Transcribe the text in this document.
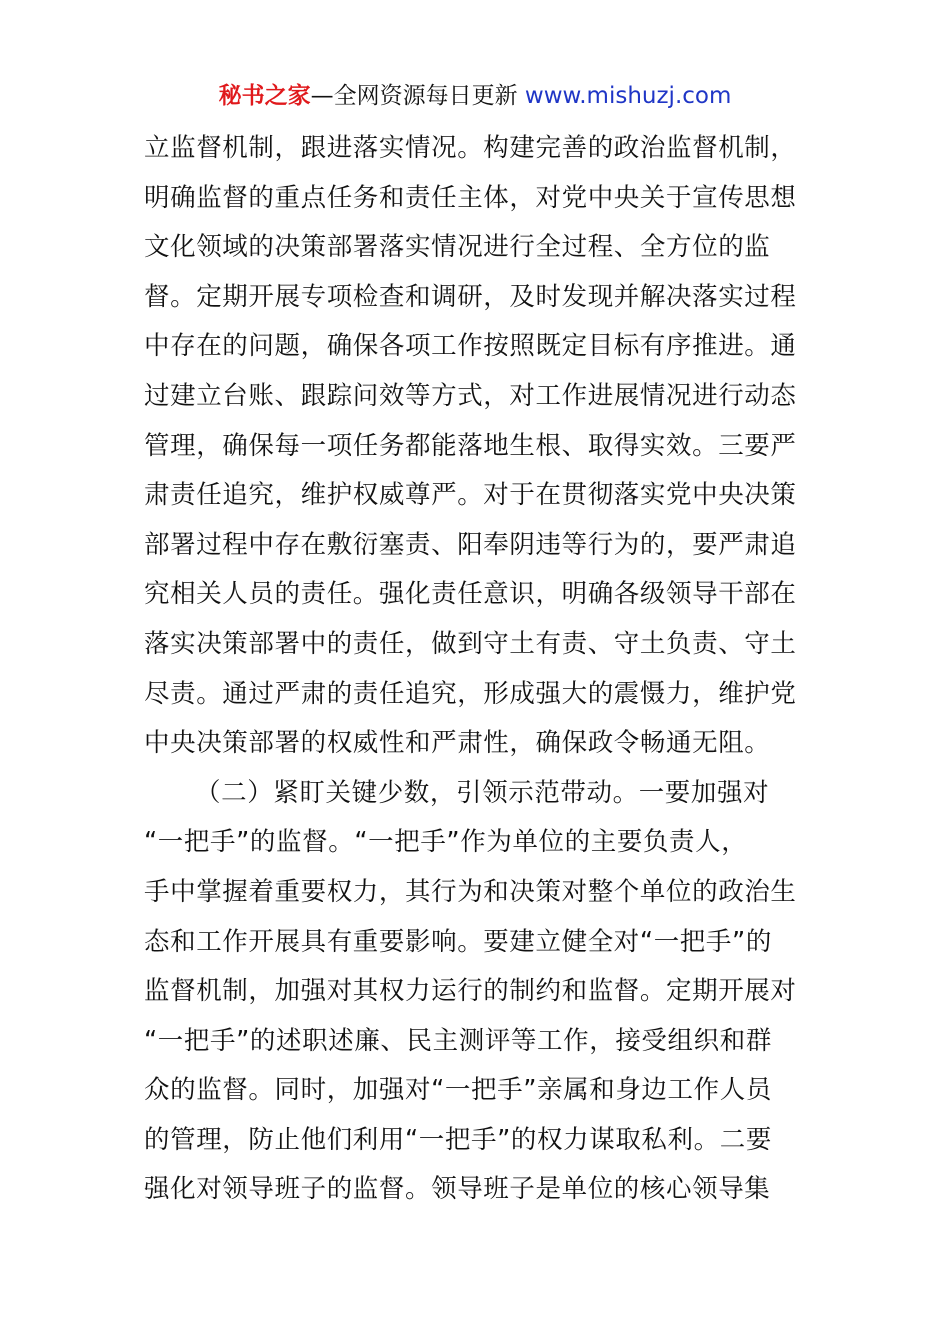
秘书之家—全网资源每日更新 www.mishuzj.com
立监督机制，跟进落实情况。构建完善的政治监督机制，
明确监督的重点任务和责任主体，对党中央关于宣传思想
文化领域的决策部署落实情况进行全过程、全方位的监
督。定期开展专项检查和调研，及时发现并解决落实过程
中存在的问题，确保各项工作按照既定目标有序推进。通
过建立台账、跟踪问效等方式，对工作进展情况进行动态
管理，确保每一项任务都能落地生根、取得实效。三要严
肃责任追究，维护权威尊严。对于在贯彻落实党中央决策
部署过程中存在敷衍塞责、阳奉阴违等行为的，要严肃追
究相关人员的责任。强化责任意识，明确各级领导干部在
落实决策部署中的责任，做到守土有责、守土负责、守土
尽责。通过严肃的责任追究，形成强大的震慑力，维护党
中央决策部署的权威性和严肃性，确保政令畅通无阻。
（二）紧盯关键少数，引领示范带动。一要加强对
“一把手”的监督。“一把手”作为单位的主要负责人，
手中掌握着重要权力，其行为和决策对整个单位的政治生
态和工作开展具有重要影响。要建立健全对“一把手”的
监督机制，加强对其权力运行的制约和监督。定期开展对
“一把手”的述职述廉、民主测评等工作，接受组织和群
众的监督。同时，加强对“一把手”亲属和身边工作人员
的管理，防止他们利用“一把手”的权力谋取私利。二要
强化对领导班子的监督。领导班子是单位的核心领导集
